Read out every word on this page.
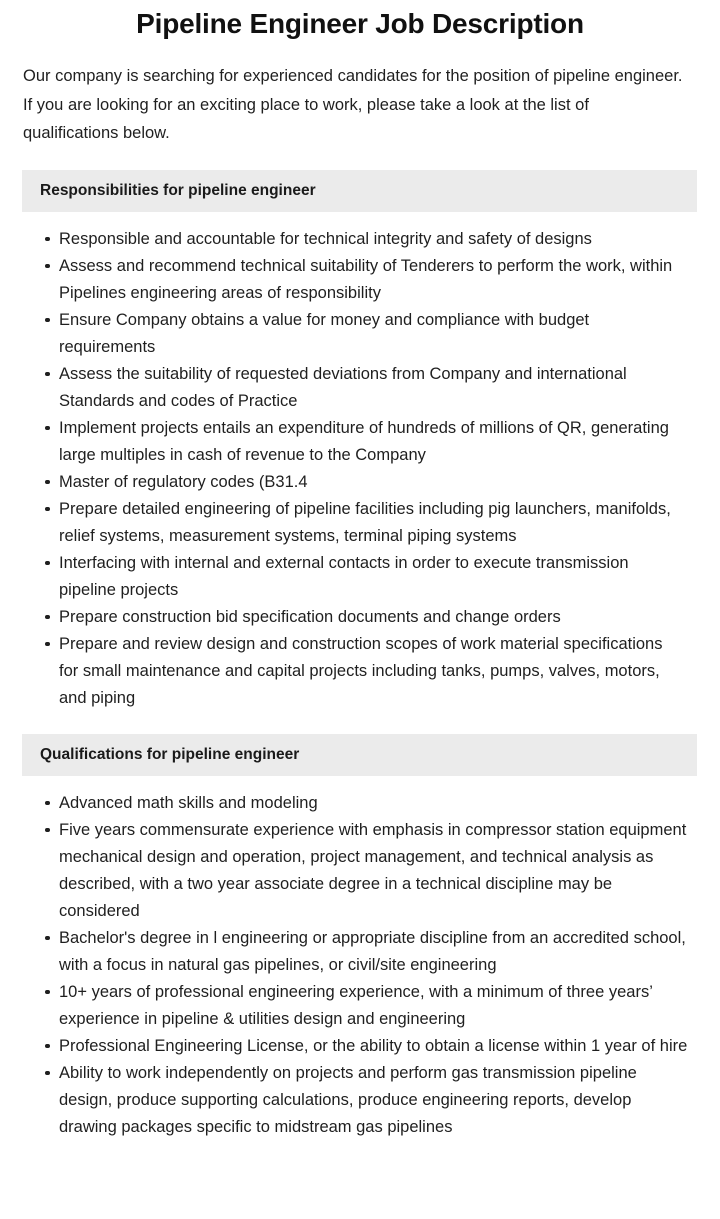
Pipeline Engineer Job Description

Our company is searching for experienced candidates for the position of pipeline engineer. If you are looking for an exciting place to work, please take a look at the list of qualifications below.

Responsibilities for pipeline engineer
Responsible and accountable for technical integrity and safety of designs
Assess and recommend technical suitability of Tenderers to perform the work, within Pipelines engineering areas of responsibility
Ensure Company obtains a value for money and compliance with budget requirements
Assess the suitability of requested deviations from Company and international Standards and codes of Practice
Implement projects entails an expenditure of hundreds of millions of QR, generating large multiples in cash of revenue to the Company
Master of regulatory codes (B31.4
Prepare detailed engineering of pipeline facilities including pig launchers, manifolds, relief systems, measurement systems, terminal piping systems
Interfacing with internal and external contacts in order to execute transmission pipeline projects
Prepare construction bid specification documents and change orders
Prepare and review design and construction scopes of work material specifications for small maintenance and capital projects including tanks, pumps, valves, motors, and piping
Qualifications for pipeline engineer
Advanced math skills and modeling
Five years commensurate experience with emphasis in compressor station equipment mechanical design and operation, project management, and technical analysis as described, with a two year associate degree in a technical discipline may be considered
Bachelor's degree in l engineering or appropriate discipline from an accredited school, with a focus in natural gas pipelines, or civil/site engineering
10+ years of professional engineering experience, with a minimum of three years’ experience in pipeline & utilities design and engineering
Professional Engineering License, or the ability to obtain a license within 1 year of hire
Ability to work independently on projects and perform gas transmission pipeline design, produce supporting calculations, produce engineering reports, develop drawing packages specific to midstream gas pipelines
